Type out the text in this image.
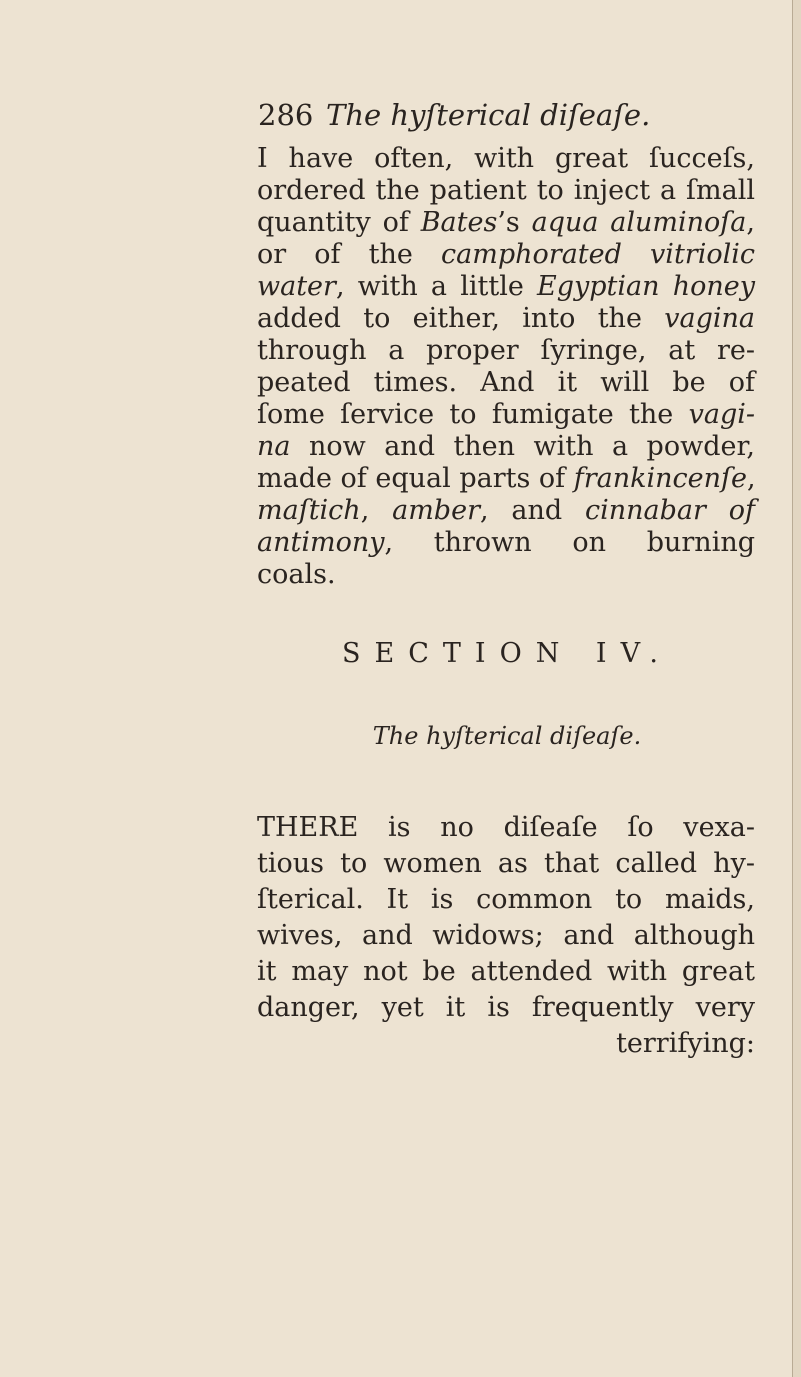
286 The hyſterical diſeaſe.
I have often, with great ſucceſs,
ordered the patient to inject a ſmall
quantity of Bates’s aqua aluminoſa,
or of the camphorated vitriolic
water, with a little Egyptian honey
added to either, into the vagina
through a proper ſyringe, at re-
peated times. And it will be of
ſome ſervice to fumigate the vagi-
na now and then with a powder,
made of equal parts of frankincenſe,
maſtich, amber, and cinnabar of
antimony, thrown on burning
coals.
SECTION IV.
The hyſterical diſeaſe.
THERE is no diſeaſe ſo vexa-
tious to women as that called hy-
ſterical. It is common to maids,
wives, and widows; and although
it may not be attended with great
danger, yet it is frequently very
terrifying:
